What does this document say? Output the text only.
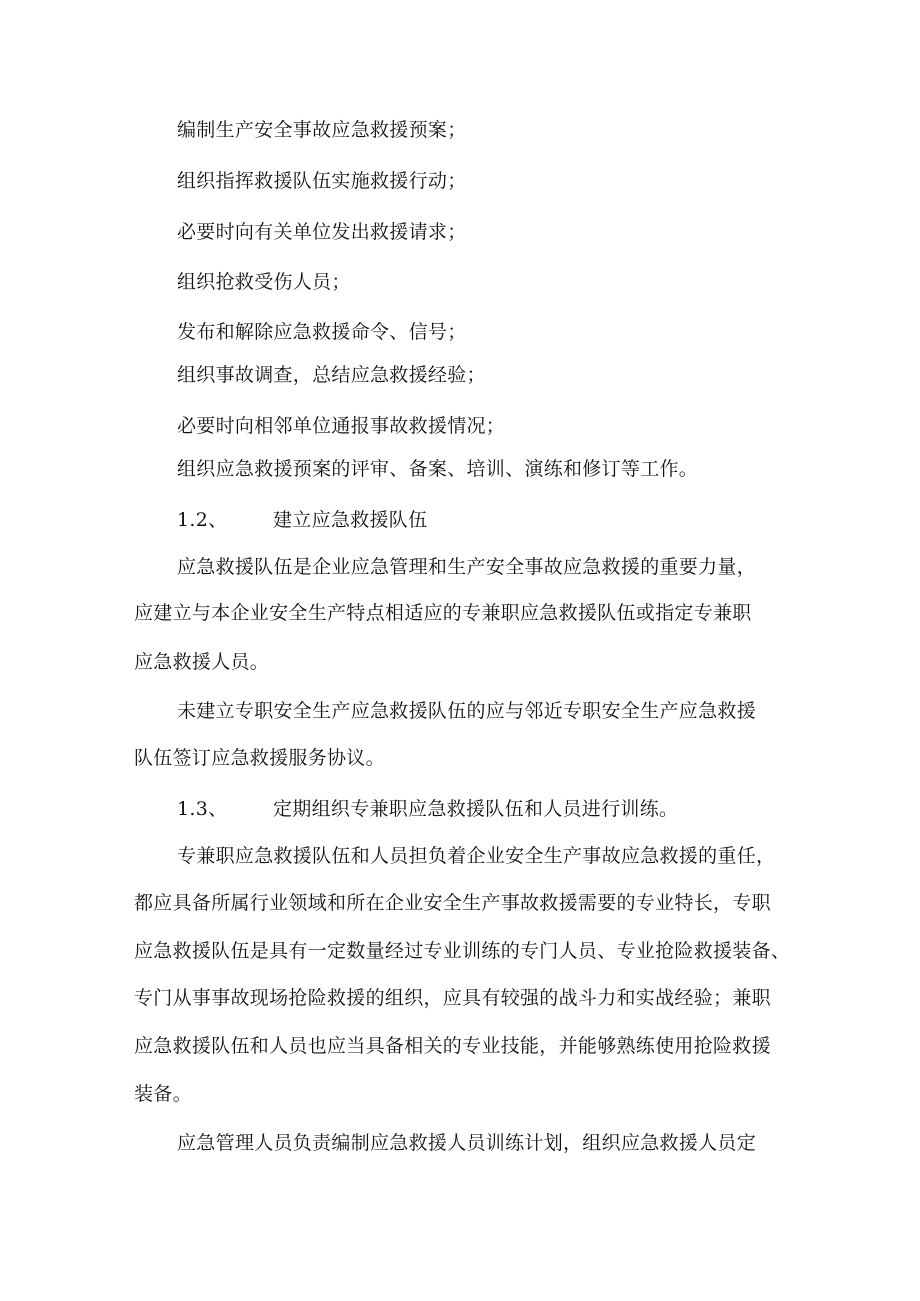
编制生产安全事故应急救援预案；
组织指挥救援队伍实施救援行动；
必要时向有关单位发出救援请求；
组织抢救受伤人员；
发布和解除应急救援命令、信号；
组织事故调查，总结应急救援经验；
必要时向相邻单位通报事故救援情况；
组织应急救援预案的评审、备案、培训、演练和修订等工作。
1.2、 建立应急救援队伍
应急救援队伍是企业应急管理和生产安全事故应急救援的重要力量，
应建立与本企业安全生产特点相适应的专兼职应急救援队伍或指定专兼职
应急救援人员。
未建立专职安全生产应急救援队伍的应与邻近专职安全生产应急救援
队伍签订应急救援服务协议。
1.3、 定期组织专兼职应急救援队伍和人员进行训练。
专兼职应急救援队伍和人员担负着企业安全生产事故应急救援的重任，
都应具备所属行业领域和所在企业安全生产事故救援需要的专业特长，专职
应急救援队伍是具有一定数量经过专业训练的专门人员、专业抢险救援装备、
专门从事事故现场抢险救援的组织，应具有较强的战斗力和实战经验；兼职
应急救援队伍和人员也应当具备相关的专业技能，并能够熟练使用抢险救援
装备。
应急管理人员负责编制应急救援人员训练计划，组织应急救援人员定
